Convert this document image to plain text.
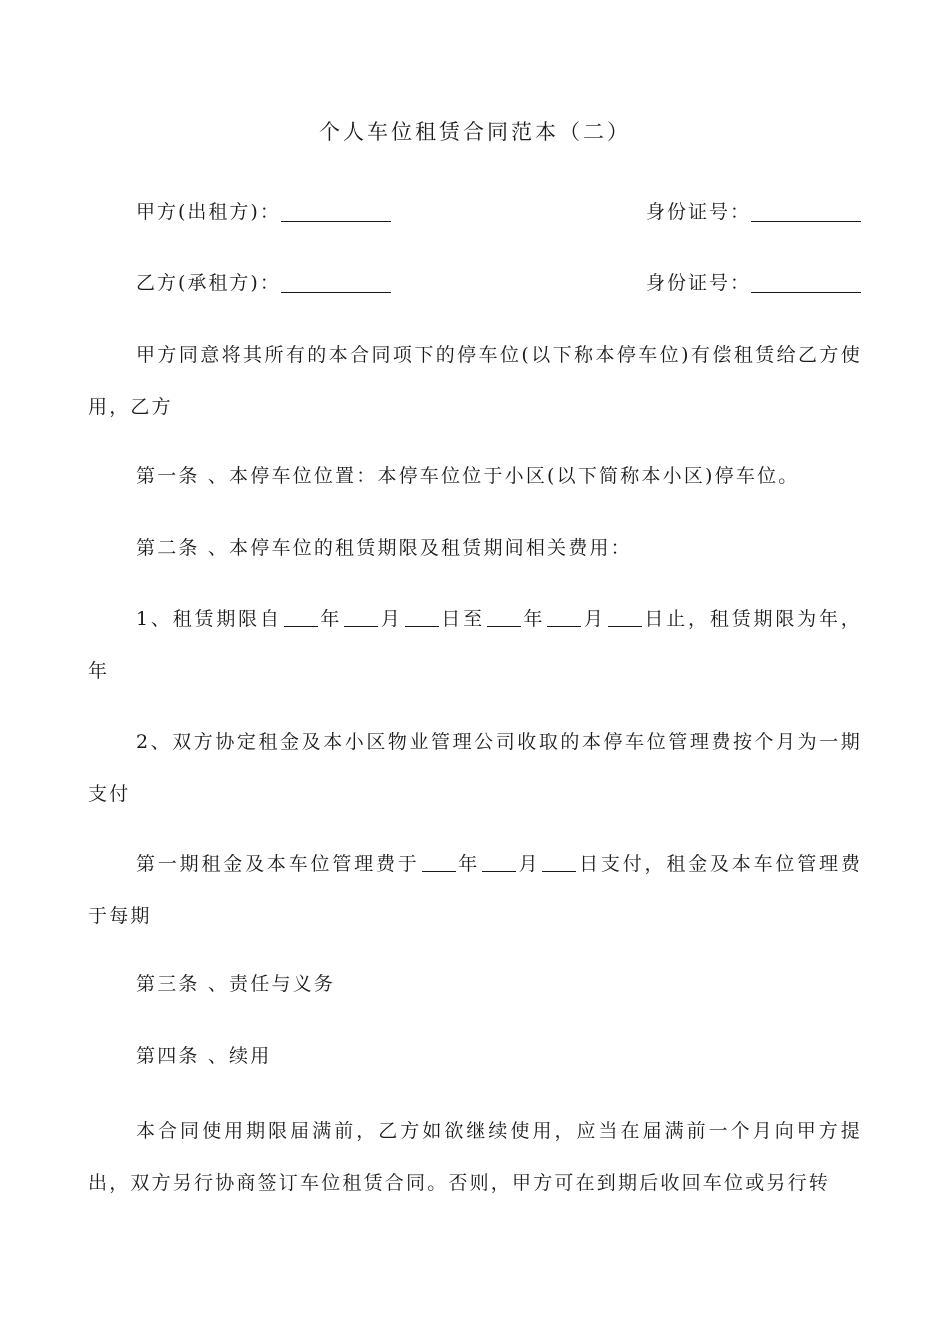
个人车位租赁合同范本（二）
甲方(出租方)：	身份证号：
乙方(承租方)：	身份证号：
甲方同意将其所有的本合同项下的停车位(以下称本停车位)有偿租赁给乙方使用，乙方
第一条 、本停车位位置：本停车位位于小区(以下简称本小区)停车位。
第二条 、本停车位的租赁期限及租赁期间相关费用：
1、租赁期限自 年 月 日至 年 月 日止，租赁期限为年，年
2、双方协定租金及本小区物业管理公司收取的本停车位管理费按个月为一期支付
第一期租金及本车位管理费于 年 月 日支付，租金及本车位管理费于每期
第三条 、责任与义务
第四条 、续用
本合同使用期限届满前，乙方如欲继续使用，应当在届满前一个月向甲方提出，双方另行协商签订车位租赁合同。否则，甲方可在到期后收回车位或另行转
